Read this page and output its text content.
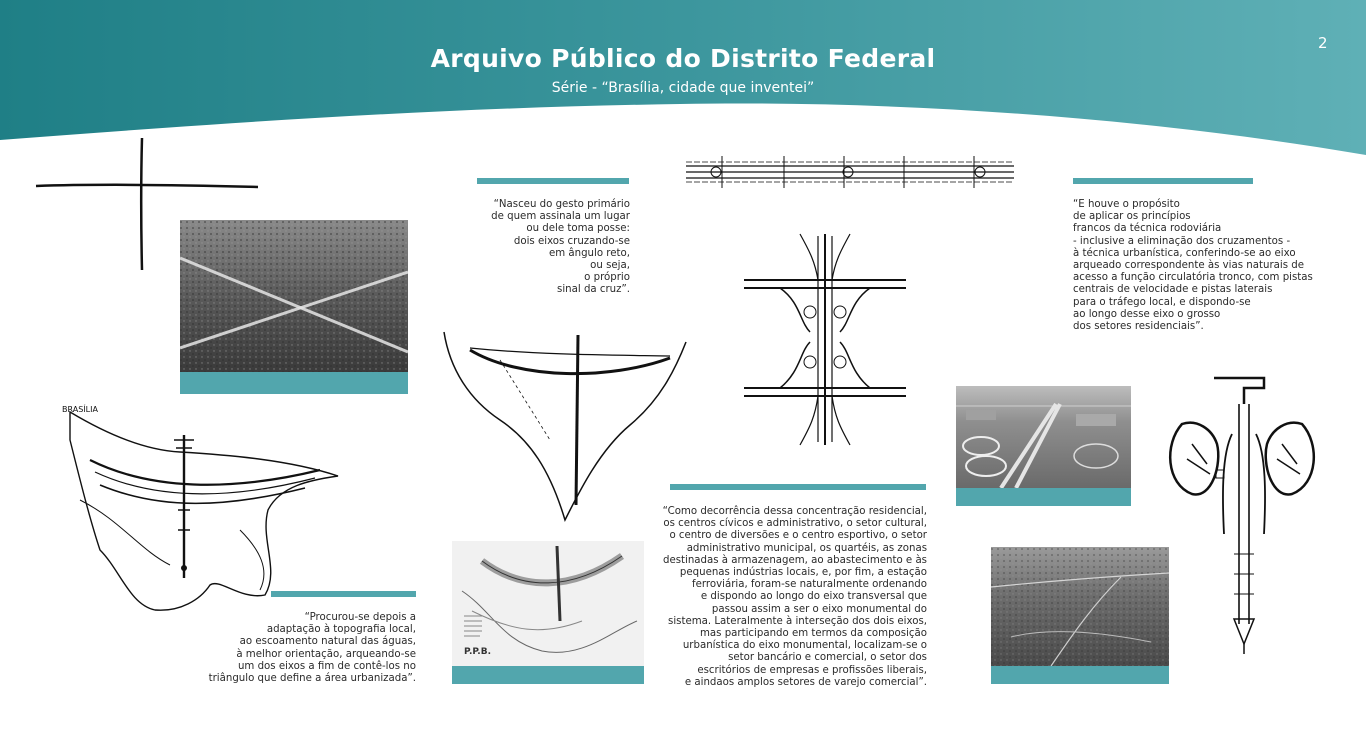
Arquivo Público do Distrito Federal
Série - “Brasília, cidade que inventei”
2
BRASÍLIA
“Procurou-se depois a
adaptação à topografia local,
ao escoamento natural das águas,
à melhor orientação, arqueando-se
um dos eixos a fim de contê-los no
triângulo que define a área urbanizada”.
“Nasceu do gesto primário
de quem assinala um lugar
ou dele toma posse:
dois eixos cruzando-se
em ângulo reto,
ou seja,
o próprio
sinal da cruz”.
P.P.B.
“Como decorrência dessa concentração residencial,
os centros cívicos e administrativo, o setor cultural,
o centro de diversões e o centro esportivo, o setor
administrativo municipal, os quartéis, as zonas
destinadas à armazenagem, ao abastecimento e às
pequenas indústrias locais, e, por fim, a estação
ferroviária, foram-se naturalmente ordenando
e dispondo ao longo do eixo transversal que
passou assim a ser o eixo monumental do
sistema. Lateralmente à interseção dos dois eixos,
mas participando em termos da composição
urbanística do eixo monumental, localizam-se o
setor bancário e comercial, o setor dos
escritórios de empresas e profissões liberais,
e aindaos amplos setores de varejo comercial”.
“E houve o propósito
de aplicar os princípios
francos da técnica rodoviária
- inclusive a eliminação dos cruzamentos -
à técnica urbanística, conferindo-se ao eixo
arqueado correspondente às vias naturais de
acesso a função circulatória tronco, com pistas
centrais de velocidade e pistas laterais
para o tráfego local, e dispondo-se
ao longo desse eixo o grosso
dos setores residenciais”.
